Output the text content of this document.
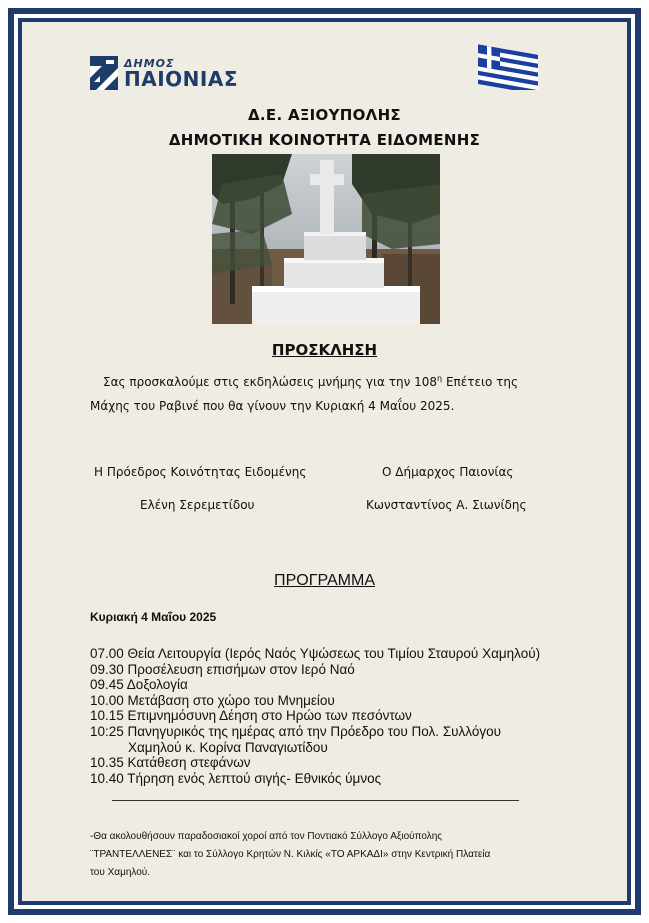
ΔΗΜΟΣ
ΠΑΙΟΝΙΑΣ
Δ.Ε. ΑΞΙΟΥΠΟΛΗΣ
ΔΗΜΟΤΙΚΗ ΚΟΙΝΟΤΗΤΑ ΕΙΔΟΜΕΝΗΣ
ΠΡΟΣΚΛΗΣΗ
Σας προσκαλούμε στις εκδηλώσεις μνήμης για την $108^\eta$ Επέτειο της
Μάχης του Ραβινέ που θα γίνουν την Κυριακή 4 Μαΐου 2025.
Η Πρόεδρος Κοινότητας Ειδομένης
Ελένη Σερεμετίδου
Ο Δήμαρχος Παιονίας
Κωνσταντίνος Α. Σιωνίδης
ΠΡΟΓΡΑΜΜΑ
Κυριακή 4 Μαΐου 2025
07.00 Θεία Λειτουργία (Ιερός Ναός Υψώσεως του Τιμίου Σταυρού Χαμηλού)
09.30 Προσέλευση επισήμων στον Ιερό Ναό
09.45 Δοξολογία
10.00 Μετάβαση στο χώρο του Μνημείου
10.15 Επιμνημόσυνη Δέηση στο Ηρώο των πεσόντων
10:25 Πανηγυρικός της ημέρας από την Πρόεδρο του Πολ. Συλλόγου
Χαμηλού κ. Κορίνα Παναγιωτίδου
10.35 Κατάθεση στεφάνων
10.40 Τήρηση ενός λεπτού σιγής- Εθνικός ύμνος
-Θα ακολουθήσουν παραδοσιακοί χοροί από τον Ποντιακό Σύλλογο Αξιούπολης
¨ΤΡΑΝΤΕΛΛΕΝΕΣ¨ και το Σύλλογο Κρητών Ν. Κιλκίς «ΤΟ ΑΡΚΑΔΙ» στην Κεντρική Πλατεία
του Χαμηλού.
